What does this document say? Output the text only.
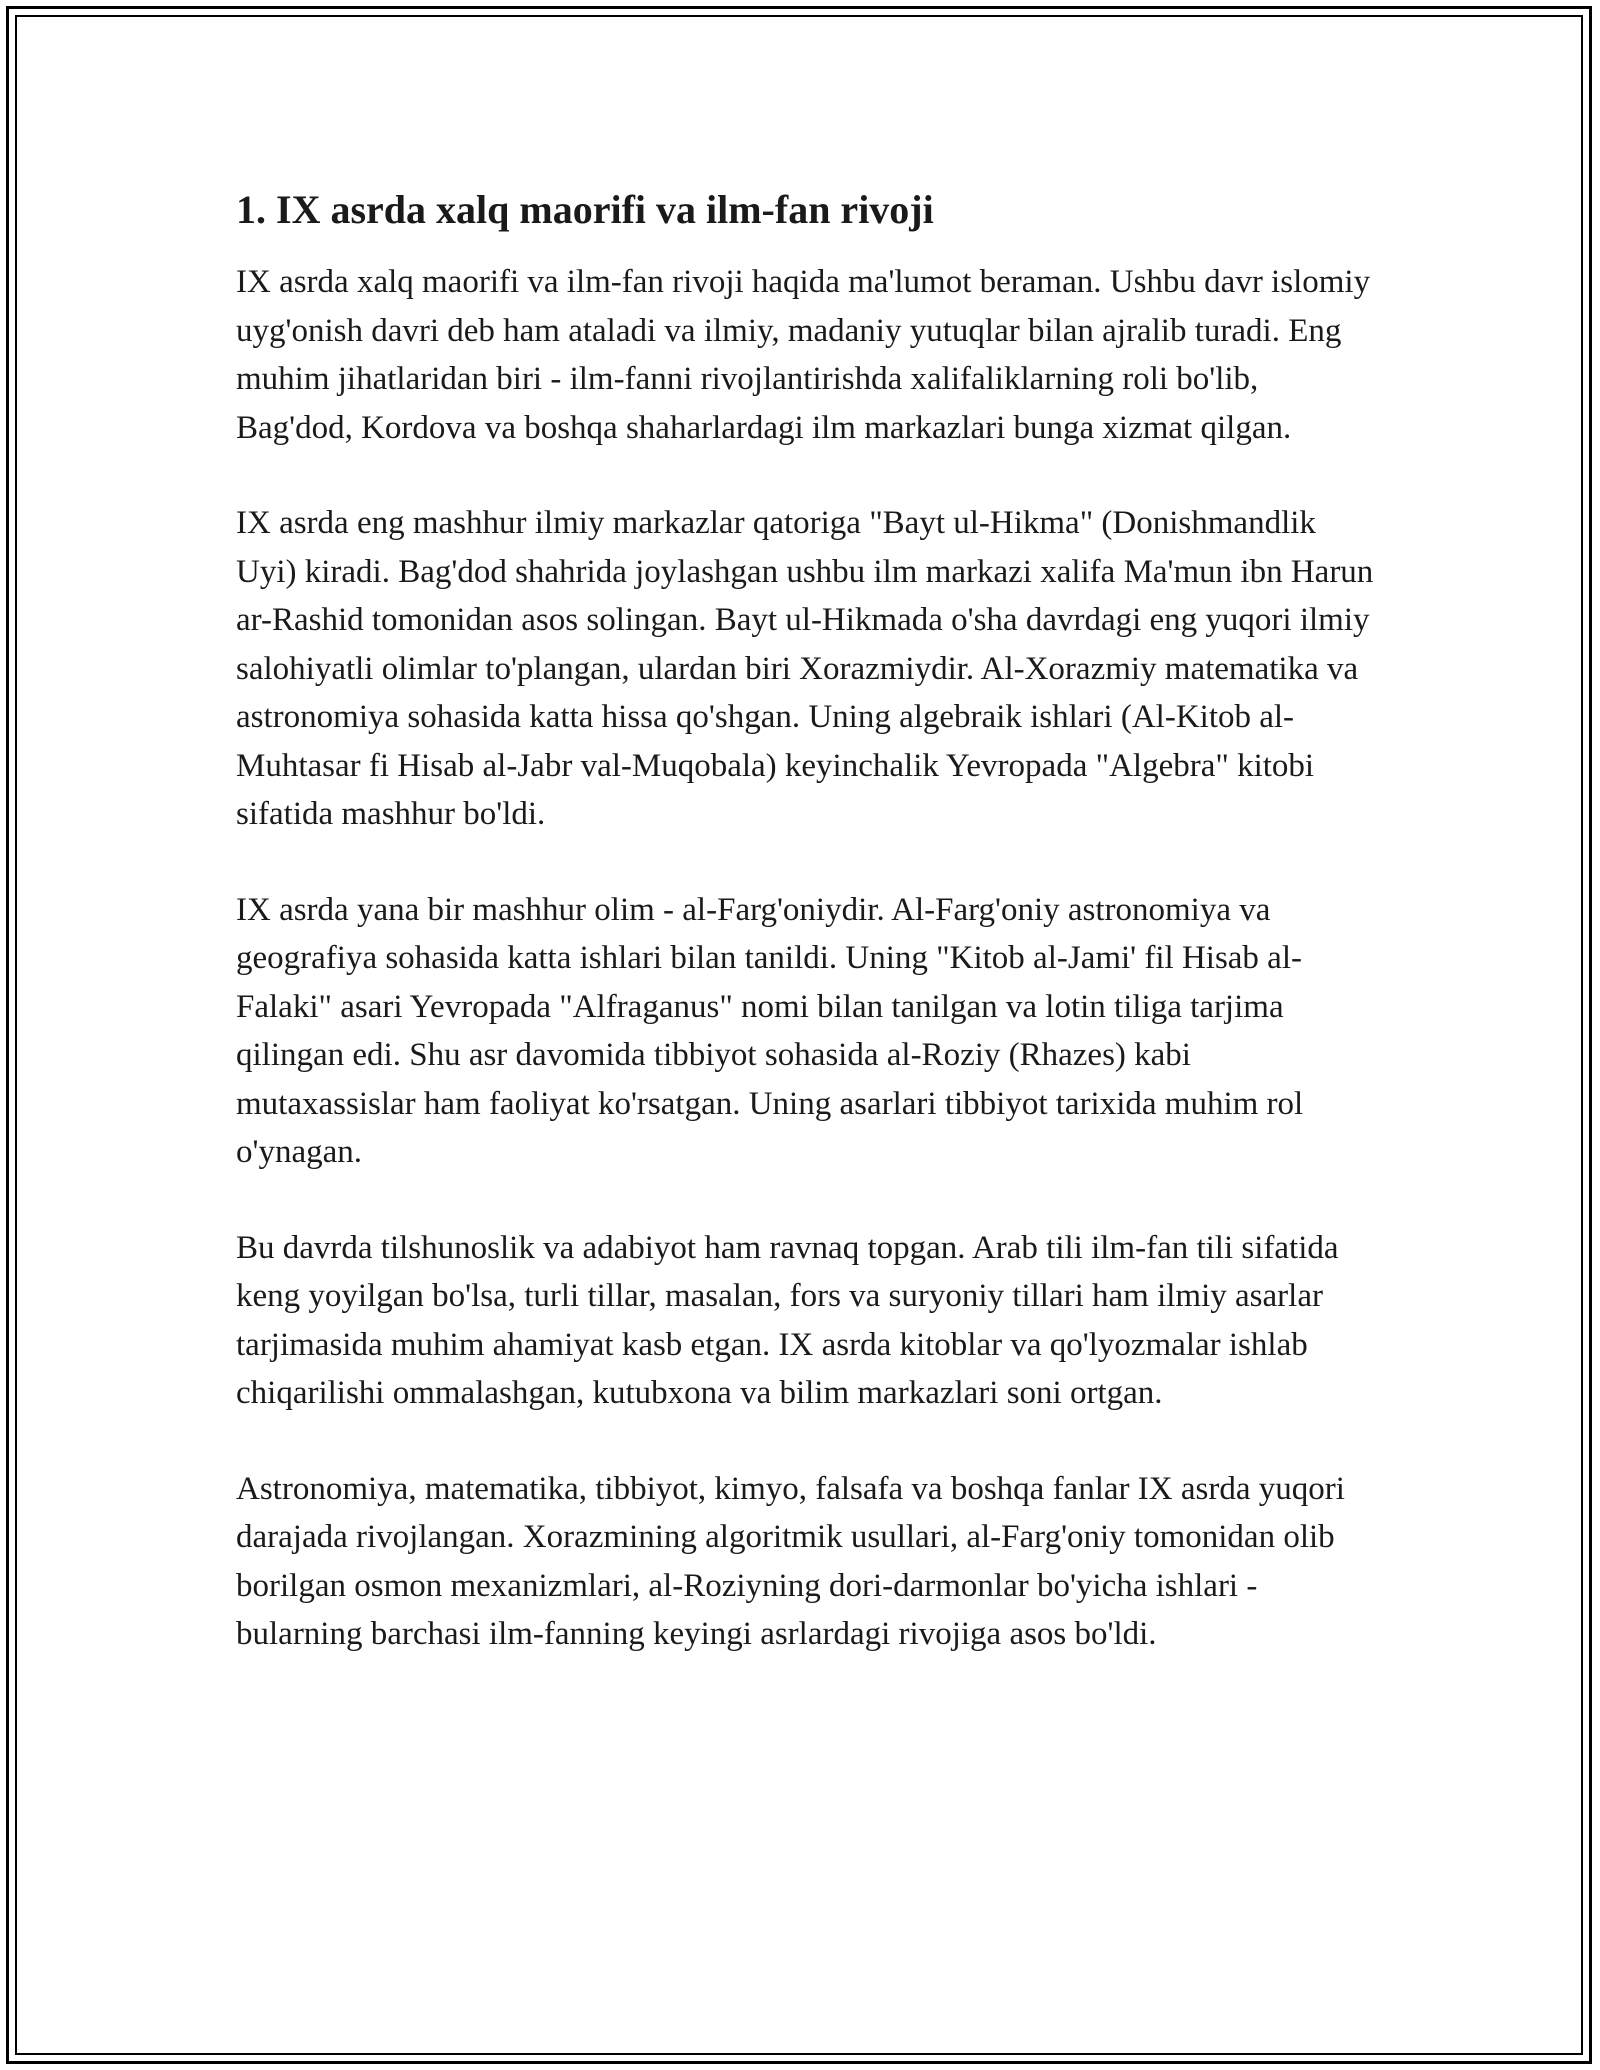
1. IX asrda xalq maorifi va ilm-fan rivoji

IX asrda xalq maorifi va ilm-fan rivoji haqida ma'lumot beraman. Ushbu davr islomiy uyg'onish davri deb ham ataladi va ilmiy, madaniy yutuqlar bilan ajralib turadi. Eng muhim jihatlaridan biri - ilm-fanni rivojlantirishda xalifaliklarning roli bo'lib, Bag'dod, Kordova va boshqa shaharlardagi ilm markazlari bunga xizmat qilgan.

IX asrda eng mashhur ilmiy markazlar qatoriga "Bayt ul-Hikma" (Donishmandlik Uyi) kiradi. Bag'dod shahrida joylashgan ushbu ilm markazi xalifa Ma'mun ibn Harun ar-Rashid tomonidan asos solingan. Bayt ul-Hikmada o'sha davrdagi eng yuqori ilmiy salohiyatli olimlar to'plangan, ulardan biri Xorazmiydir. Al-Xorazmiy matematika va astronomiya sohasida katta hissa qo'shgan. Uning algebraik ishlari (Al-Kitob al-Muhtasar fi Hisab al-Jabr val-Muqobala) keyinchalik Yevropada "Algebra" kitobi sifatida mashhur bo'ldi.

IX asrda yana bir mashhur olim - al-Farg'oniydir. Al-Farg'oniy astronomiya va geografiya sohasida katta ishlari bilan tanildi. Uning "Kitob al-Jami' fil Hisab al-Falaki" asari Yevropada "Alfraganus" nomi bilan tanilgan va lotin tiliga tarjima qilingan edi. Shu asr davomida tibbiyot sohasida al-Roziy (Rhazes) kabi mutaxassislar ham faoliyat ko'rsatgan. Uning asarlari tibbiyot tarixida muhim rol o'ynagan.

Bu davrda tilshunoslik va adabiyot ham ravnaq topgan. Arab tili ilm-fan tili sifatida keng yoyilgan bo'lsa, turli tillar, masalan, fors va suryoniy tillari ham ilmiy asarlar tarjimasida muhim ahamiyat kasb etgan. IX asrda kitoblar va qo'lyozmalar ishlab chiqarilishi ommalashgan, kutubxona va bilim markazlari soni ortgan.

Astronomiya, matematika, tibbiyot, kimyo, falsafa va boshqa fanlar IX asrda yuqori darajada rivojlangan. Xorazmining algoritmik usullari, al-Farg'oniy tomonidan olib borilgan osmon mexanizmlari, al-Roziyning dori-darmonlar bo'yicha ishlari - bularning barchasi ilm-fanning keyingi asrlardagi rivojiga asos bo'ldi.
